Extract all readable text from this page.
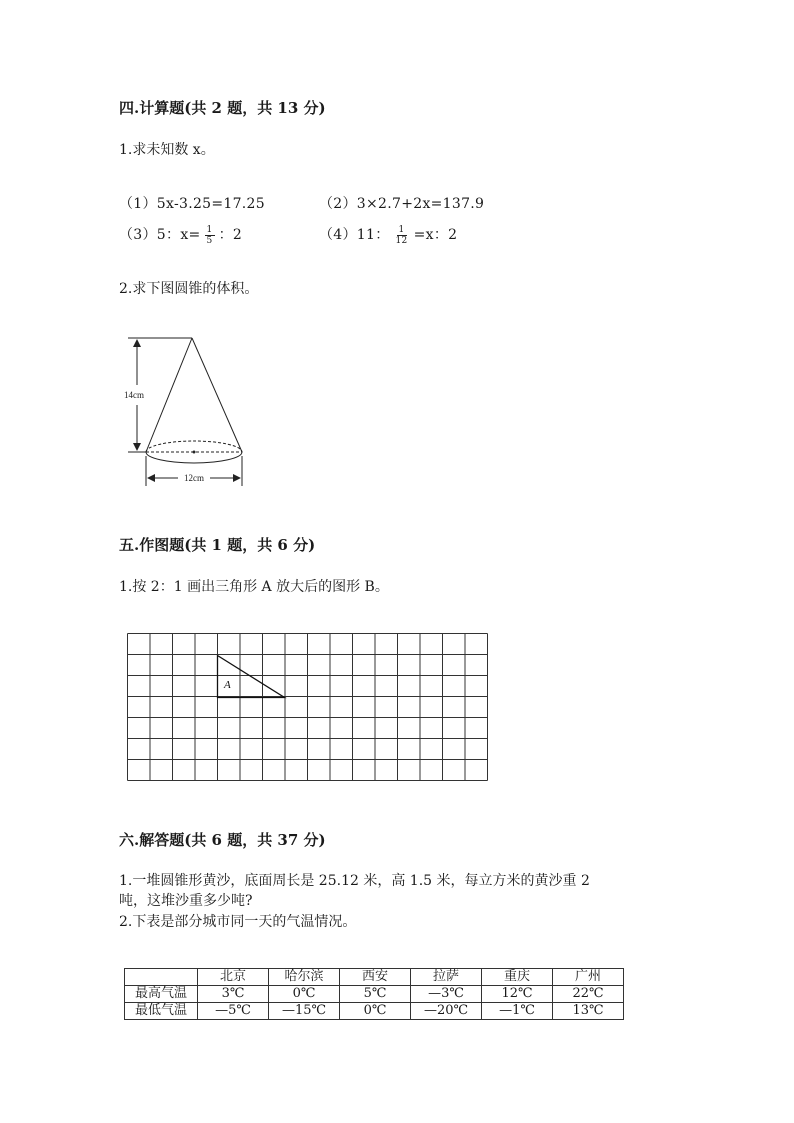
四.计算题(共 2 题，共 13 分)
1.求未知数 x。
（1）5x-3.25=17.25	（2）3×2.7+2x=137.9
（3）5：$x= \frac{1}{5}$ ：2	（4）11： $\frac{1}{12} =x$：2
2.求下图圆锥的体积。
14cm
12cm
五.作图题(共 1 题，共 6 分)
1.按 2：1 画出三角形 A 放大后的图形 B。
A
六.解答题(共 6 题，共 37 分)
1.一堆圆锥形黄沙，底面周长是 25.12 米，高 1.5 米，每立方米的黄沙重 2
吨，这堆沙重多少吨?
2.下表是部分城市同一天的气温情况。
	北京	哈尔滨	西安	拉萨	重庆	广州
最高气温	3℃	0℃	5℃	—3℃	12℃	22℃
最低气温	—5℃	—15℃	0℃	—20℃	—1℃	13℃
